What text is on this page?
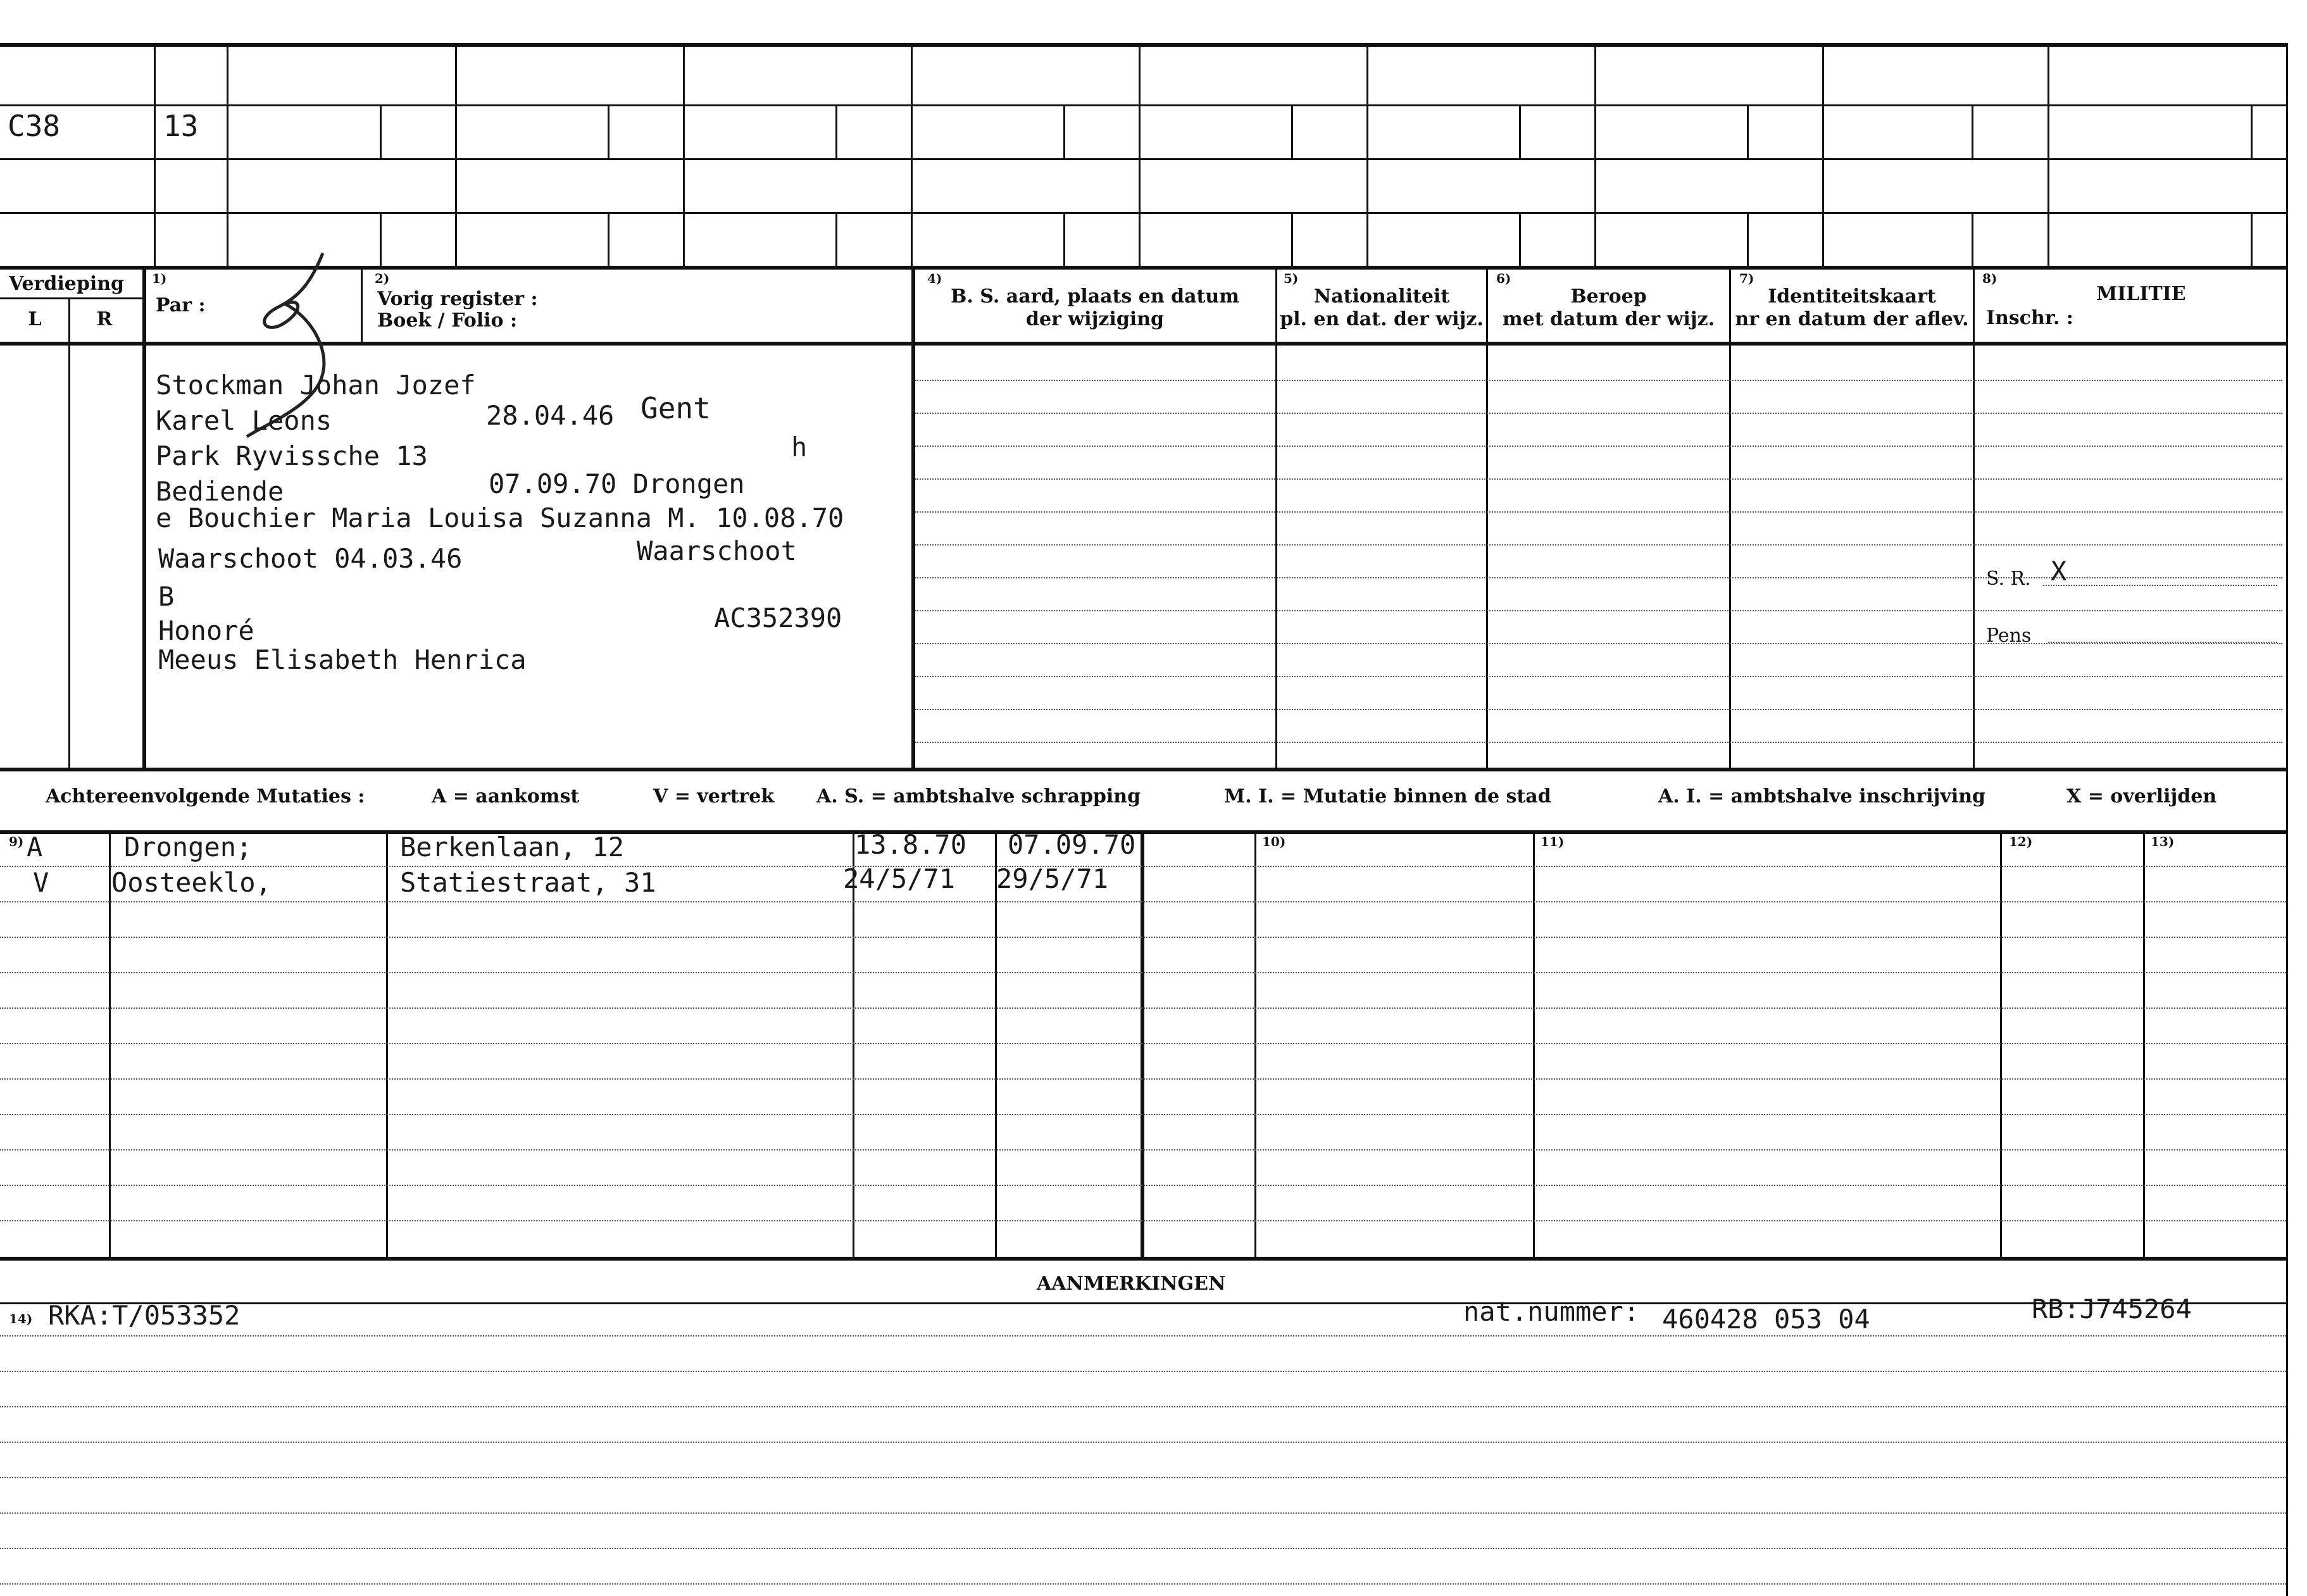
C38	13
Verdieping
L	R
1)
Par :
2)
Vorig register :
Boek / Folio :
4)
B. S. aard, plaats en datum
der wijziging
5)
Nationaliteit
pl. en dat. der wijz.
6)
Beroep
met datum der wijz.
7)
Identiteitskaart
nr en datum der aflev.
8)
MILITIE
Inschr. :
Stockman Johan Jozef
Karel Leons	28.04.46 Gent
Park Ryvissche 13	h
Bediende	07.09.70 Drongen
e Bouchier Maria Louisa Suzanna M. 10.08.70
Waarschoot 04.03.46	Waarschoot
B
Honoré	AC352390
Meeus Elisabeth Henrica
S. R. X
Pens
Achtereenvolgende Mutaties :	A = aankomst	V = vertrek A. S. = ambtshalve schrapping	M. I. = Mutatie binnen de stad	A. I. = ambtshalve inschrijving	X = overlijden
9)	10)	11)	12)	13)
A	Drongen;	Berkenlaan, 12	13.8.70 07.09.70
V Oosteeklo,	Statiestraat, 31	24/5/71 29/5/71
AANMERKINGEN
14) RKA:T/053352	nat.nummer: 460428 053 04	RB:J745264
